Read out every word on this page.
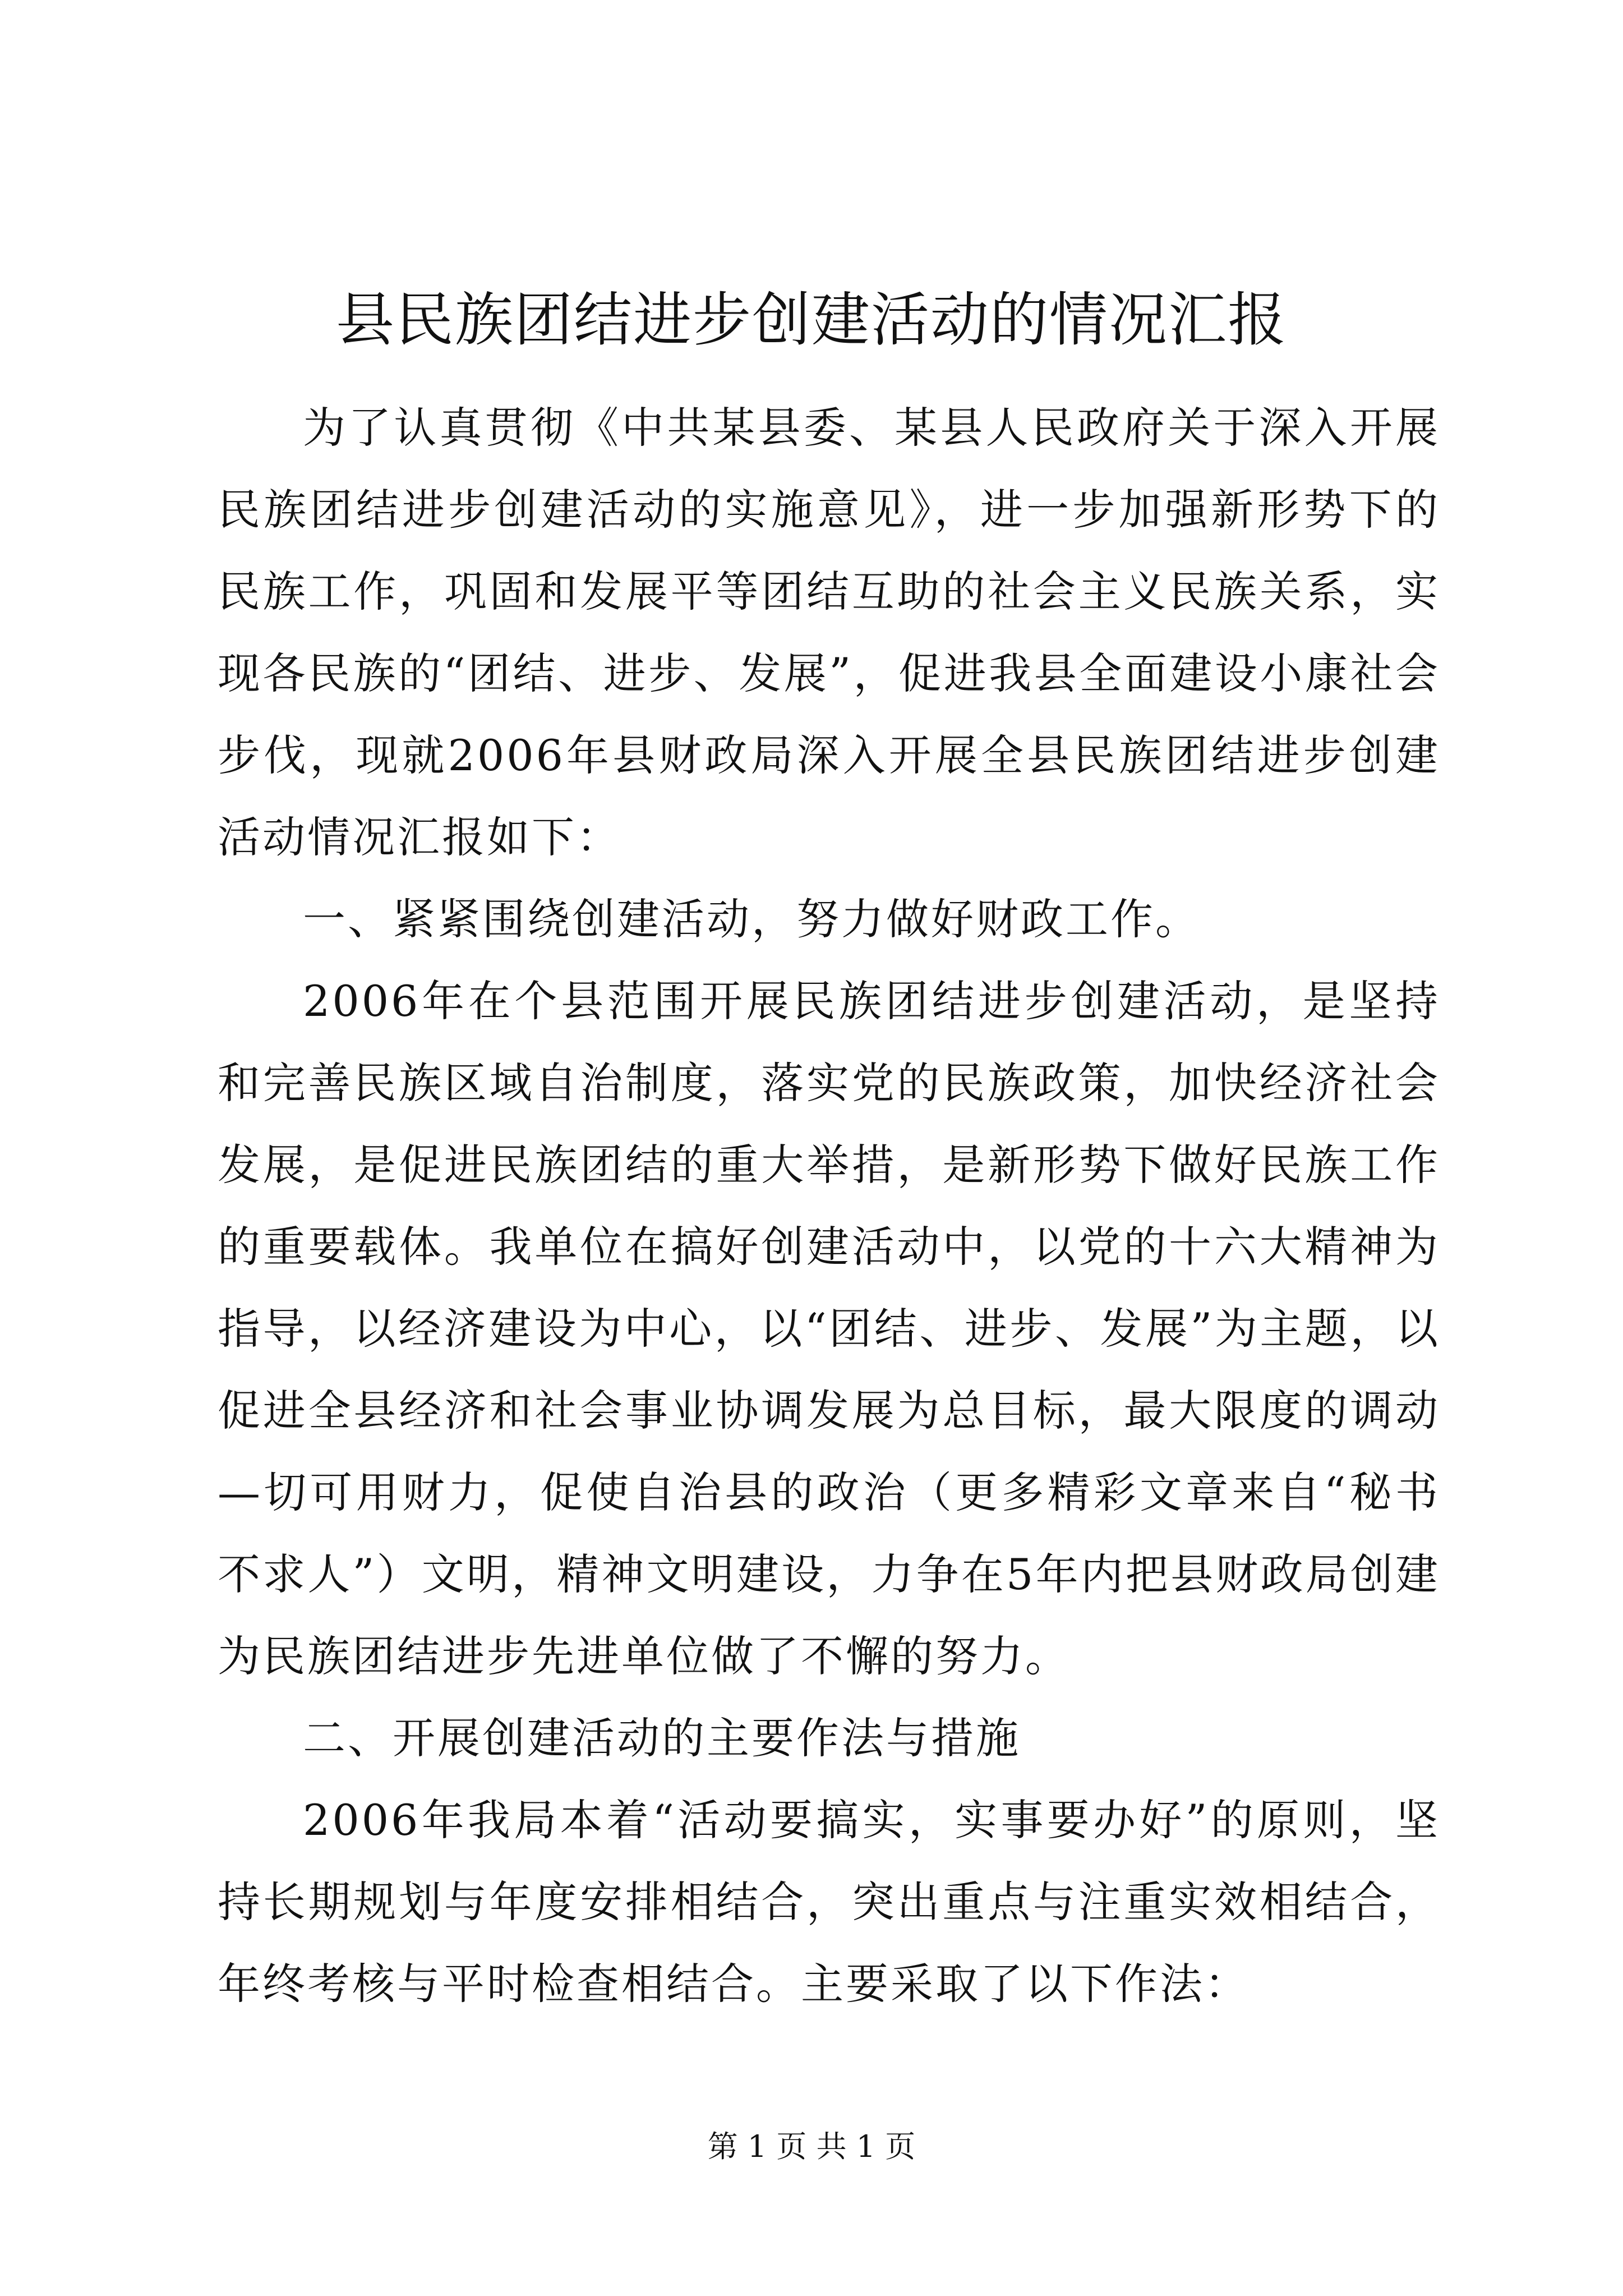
县民族团结进步创建活动的情况汇报

为了认真贯彻《中共某县委、某县人民政府关于深入开展民族团结进步创建活动的实施意见》，进一步加强新形势下的民族工作，巩固和发展平等团结互助的社会主义民族关系，实现各民族的“团结、进步、发展”，促进我县全面建设小康社会步伐，现就2006年县财政局深入开展全县民族团结进步创建活动情况汇报如下：

一、紧紧围绕创建活动，努力做好财政工作。

2006年在个县范围开展民族团结进步创建活动，是坚持和完善民族区域自治制度，落实党的民族政策，加快经济社会发展，是促进民族团结的重大举措，是新形势下做好民族工作的重要载体。我单位在搞好创建活动中，以党的十六大精神为指导，以经济建设为中心，以“团结、进步、发展”为主题，以促进全县经济和社会事业协调发展为总目标，最大限度的调动—切可用财力，促使自治县的政治（更多精彩文章来自“秘书不求人”）文明，精神文明建设，力争在5年内把县财政局创建为民族团结进步先进单位做了不懈的努力。

二、开展创建活动的主要作法与措施

2006年我局本着“活动要搞实，实事要办好”的原则，坚持长期规划与年度安排相结合，突出重点与注重实效相结合，年终考核与平时检查相结合。主要采取了以下作法：

第 1 页 共 1 页
